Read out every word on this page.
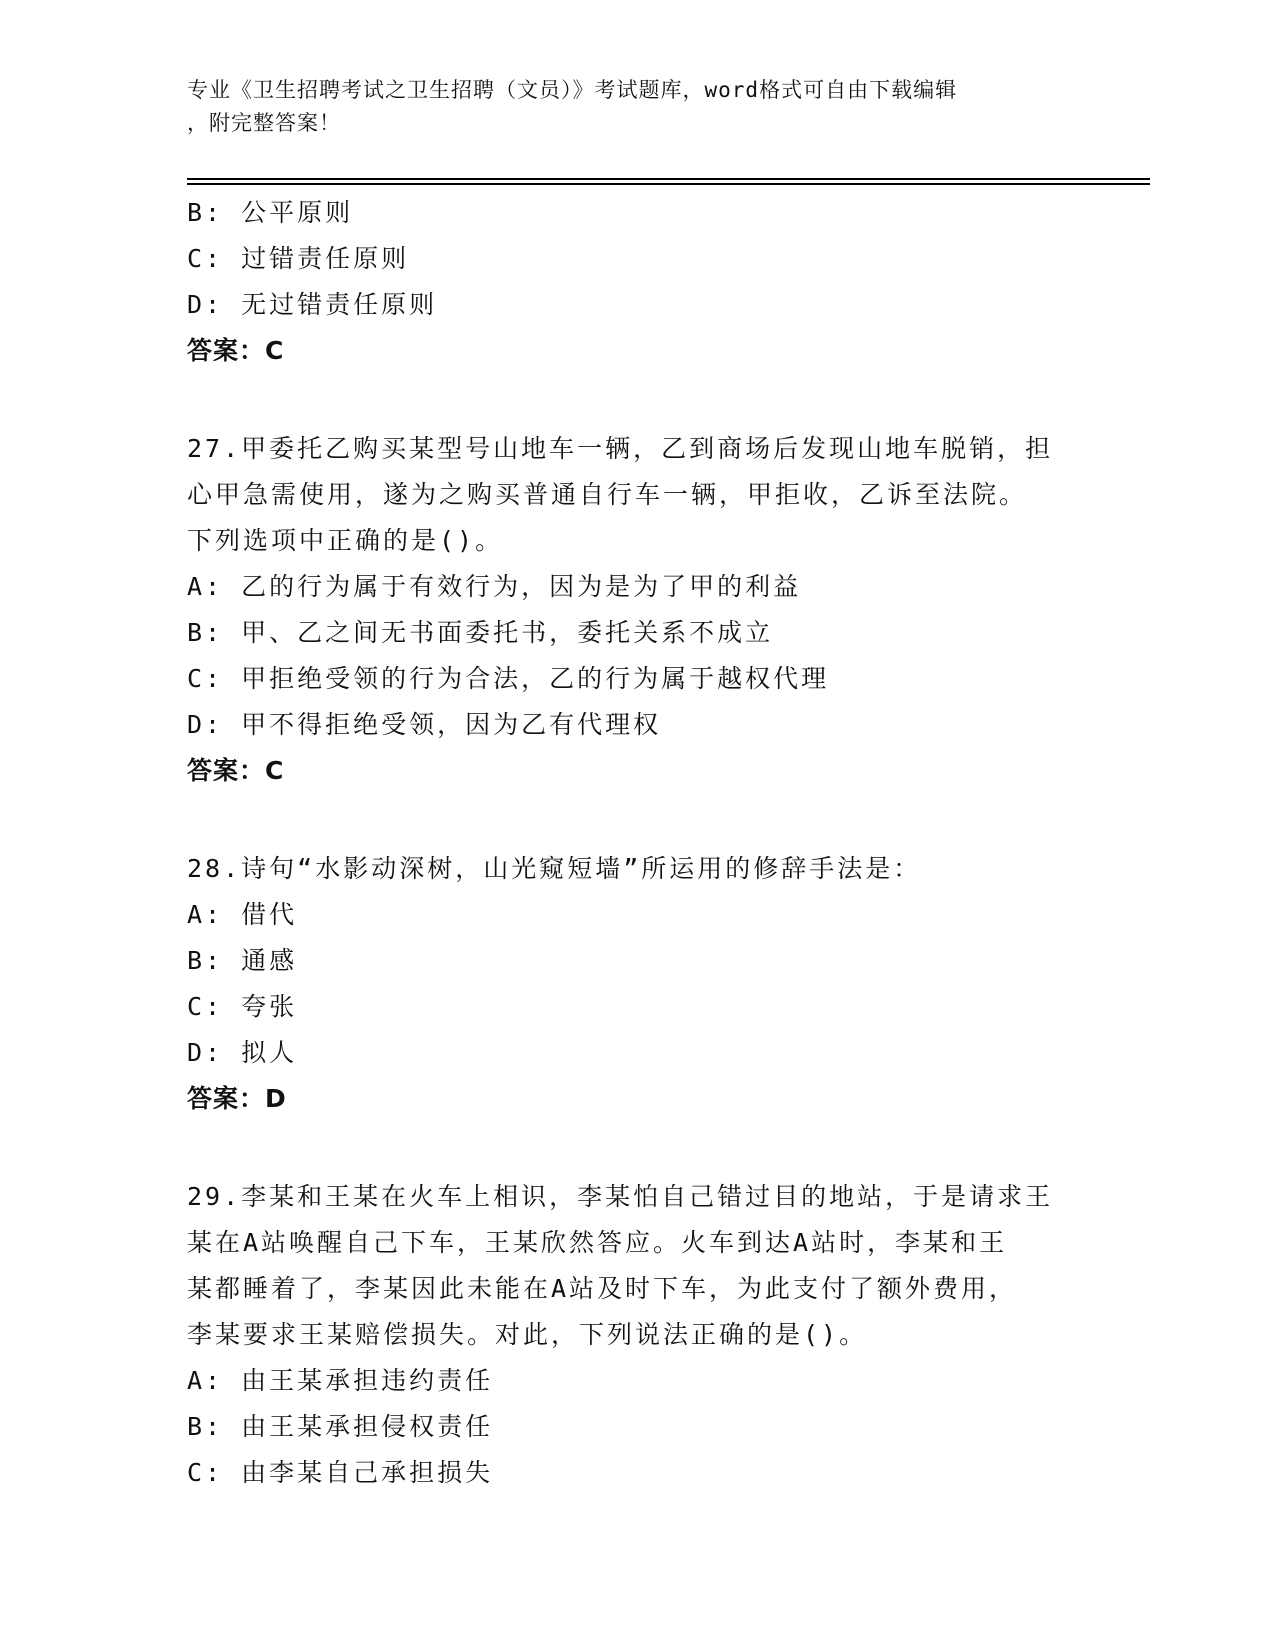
专业《卫生招聘考试之卫生招聘（文员）》考试题库，word格式可自由下载编辑
，附完整答案！
B: 公平原则
C: 过错责任原则
D: 无过错责任原则
答案：C
27.甲委托乙购买某型号山地车一辆，乙到商场后发现山地车脱销，担
心甲急需使用，遂为之购买普通自行车一辆，甲拒收，乙诉至法院。
下列选项中正确的是()。
A: 乙的行为属于有效行为，因为是为了甲的利益
B: 甲、乙之间无书面委托书，委托关系不成立
C: 甲拒绝受领的行为合法，乙的行为属于越权代理
D: 甲不得拒绝受领，因为乙有代理权
答案：C
28.诗句“水影动深树，山光窥短墙”所运用的修辞手法是：
A: 借代
B: 通感
C: 夸张
D: 拟人
答案：D
29.李某和王某在火车上相识，李某怕自己错过目的地站，于是请求王
某在A站唤醒自己下车，王某欣然答应。火车到达A站时，李某和王
某都睡着了，李某因此未能在A站及时下车，为此支付了额外费用，
李某要求王某赔偿损失。对此，下列说法正确的是()。
A: 由王某承担违约责任
B: 由王某承担侵权责任
C: 由李某自己承担损失
